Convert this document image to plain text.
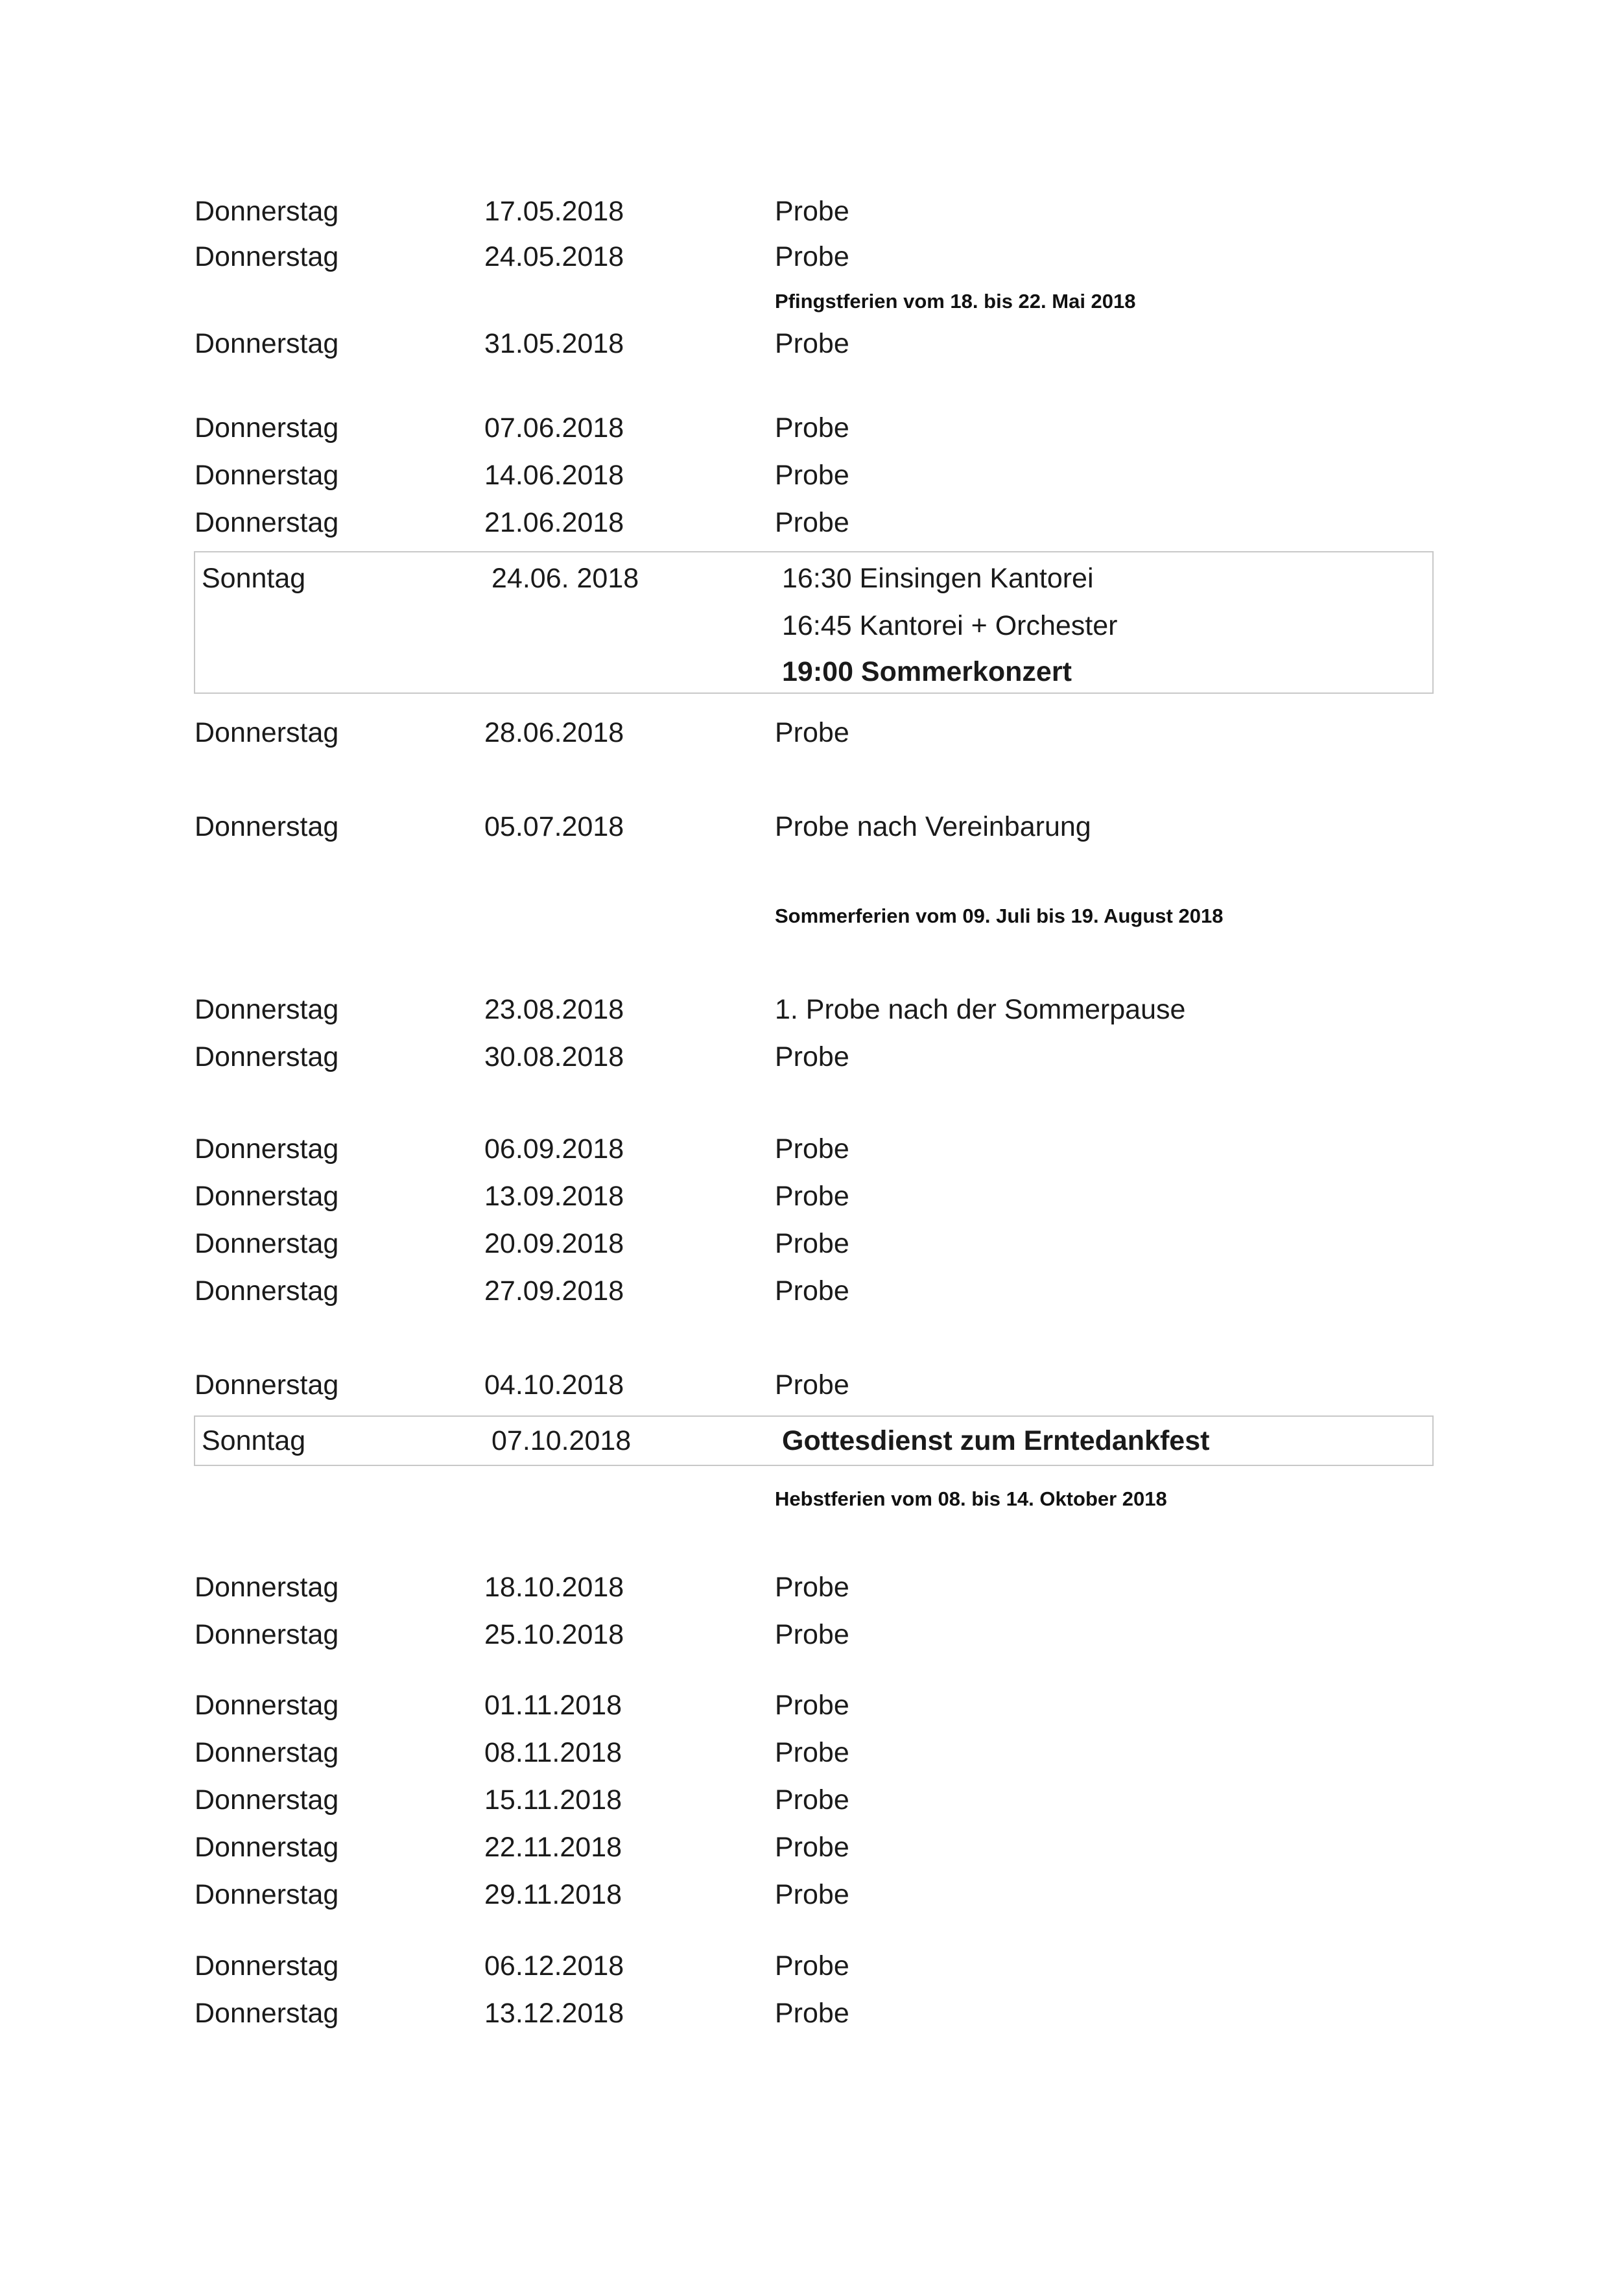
Donnerstag	17.05.2018	Probe
Donnerstag	24.05.2018	Probe
Pfingstferien vom 18. bis 22. Mai 2018
Donnerstag	31.05.2018	Probe
Donnerstag	07.06.2018	Probe
Donnerstag	14.06.2018	Probe
Donnerstag	21.06.2018	Probe
Sonntag	24.06. 2018	16:30 Einsingen Kantorei
16:45 Kantorei + Orchester
19:00 Sommerkonzert
Donnerstag	28.06.2018	Probe
Donnerstag	05.07.2018	Probe nach Vereinbarung
Sommerferien vom 09. Juli bis 19. August 2018
Donnerstag	23.08.2018	1. Probe nach der Sommerpause
Donnerstag	30.08.2018	Probe
Donnerstag	06.09.2018	Probe
Donnerstag	13.09.2018	Probe
Donnerstag	20.09.2018	Probe
Donnerstag	27.09.2018	Probe
Donnerstag	04.10.2018	Probe
Sonntag	07.10.2018	Gottesdienst zum Erntedankfest
Hebstferien vom 08. bis 14. Oktober 2018
Donnerstag	18.10.2018	Probe
Donnerstag	25.10.2018	Probe
Donnerstag	01.11.2018	Probe
Donnerstag	08.11.2018	Probe
Donnerstag	15.11.2018	Probe
Donnerstag	22.11.2018	Probe
Donnerstag	29.11.2018	Probe
Donnerstag	06.12.2018	Probe
Donnerstag	13.12.2018	Probe
